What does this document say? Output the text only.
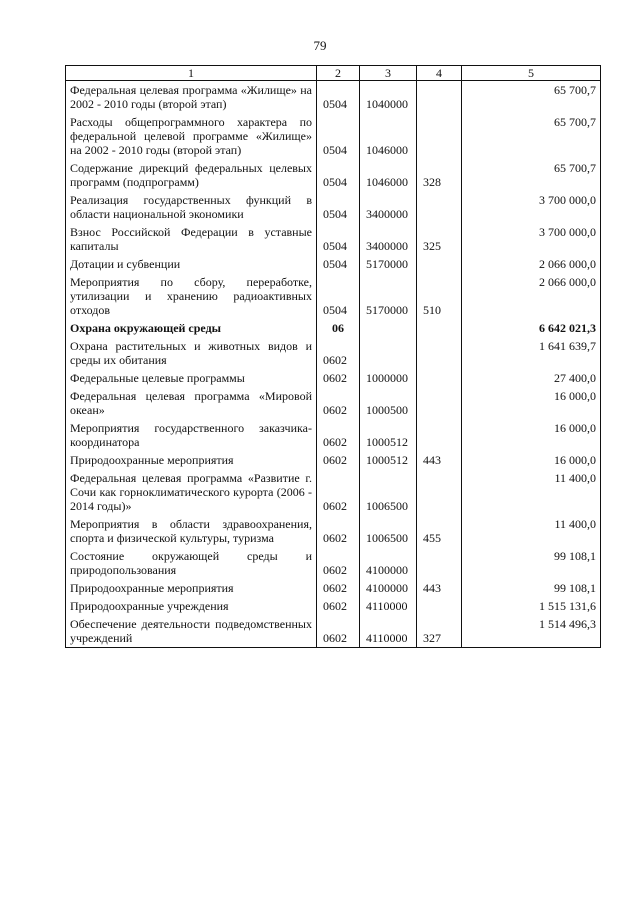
79
1	2	3	4	5
Федеральная целевая программа «Жилище» на 2002 - 2010 годы (второй этап)	0504	1040000		65 700,7
Расходы общепрограммного характера по федеральной целевой программе «Жилище» на 2002 - 2010 годы (второй этап)	0504	1046000		65 700,7
Содержание дирекций федеральных целевых программ (подпрограмм)	0504	1046000	328	65 700,7
Реализация государственных функций в области национальной экономики	0504	3400000		3 700 000,0
Взнос Российской Федерации в уставные капиталы	0504	3400000	325	3 700 000,0
Дотации и субвенции	0504	5170000		2 066 000,0
Мероприятия по сбору, переработке, утилизации и хранению радиоактивных отходов	0504	5170000	510	2 066 000,0
Охрана окружающей среды	06			6 642 021,3
Охрана растительных и животных видов и среды их обитания	0602			1 641 639,7
Федеральные целевые программы	0602	1000000		27 400,0
Федеральная целевая программа «Мировой океан»	0602	1000500		16 000,0
Мероприятия государственного заказчика-координатора	0602	1000512		16 000,0
Природоохранные мероприятия	0602	1000512	443	16 000,0
Федеральная целевая программа «Развитие г. Сочи как горноклиматического курорта (2006 - 2014 годы)»	0602	1006500		11 400,0
Мероприятия в области здравоохранения, спорта и физической культуры, туризма	0602	1006500	455	11 400,0
Состояние окружающей среды и природопользования	0602	4100000		99 108,1
Природоохранные мероприятия	0602	4100000	443	99 108,1
Природоохранные учреждения	0602	4110000		1 515 131,6
Обеспечение деятельности подведомственных учреждений	0602	4110000	327	1 514 496,3
